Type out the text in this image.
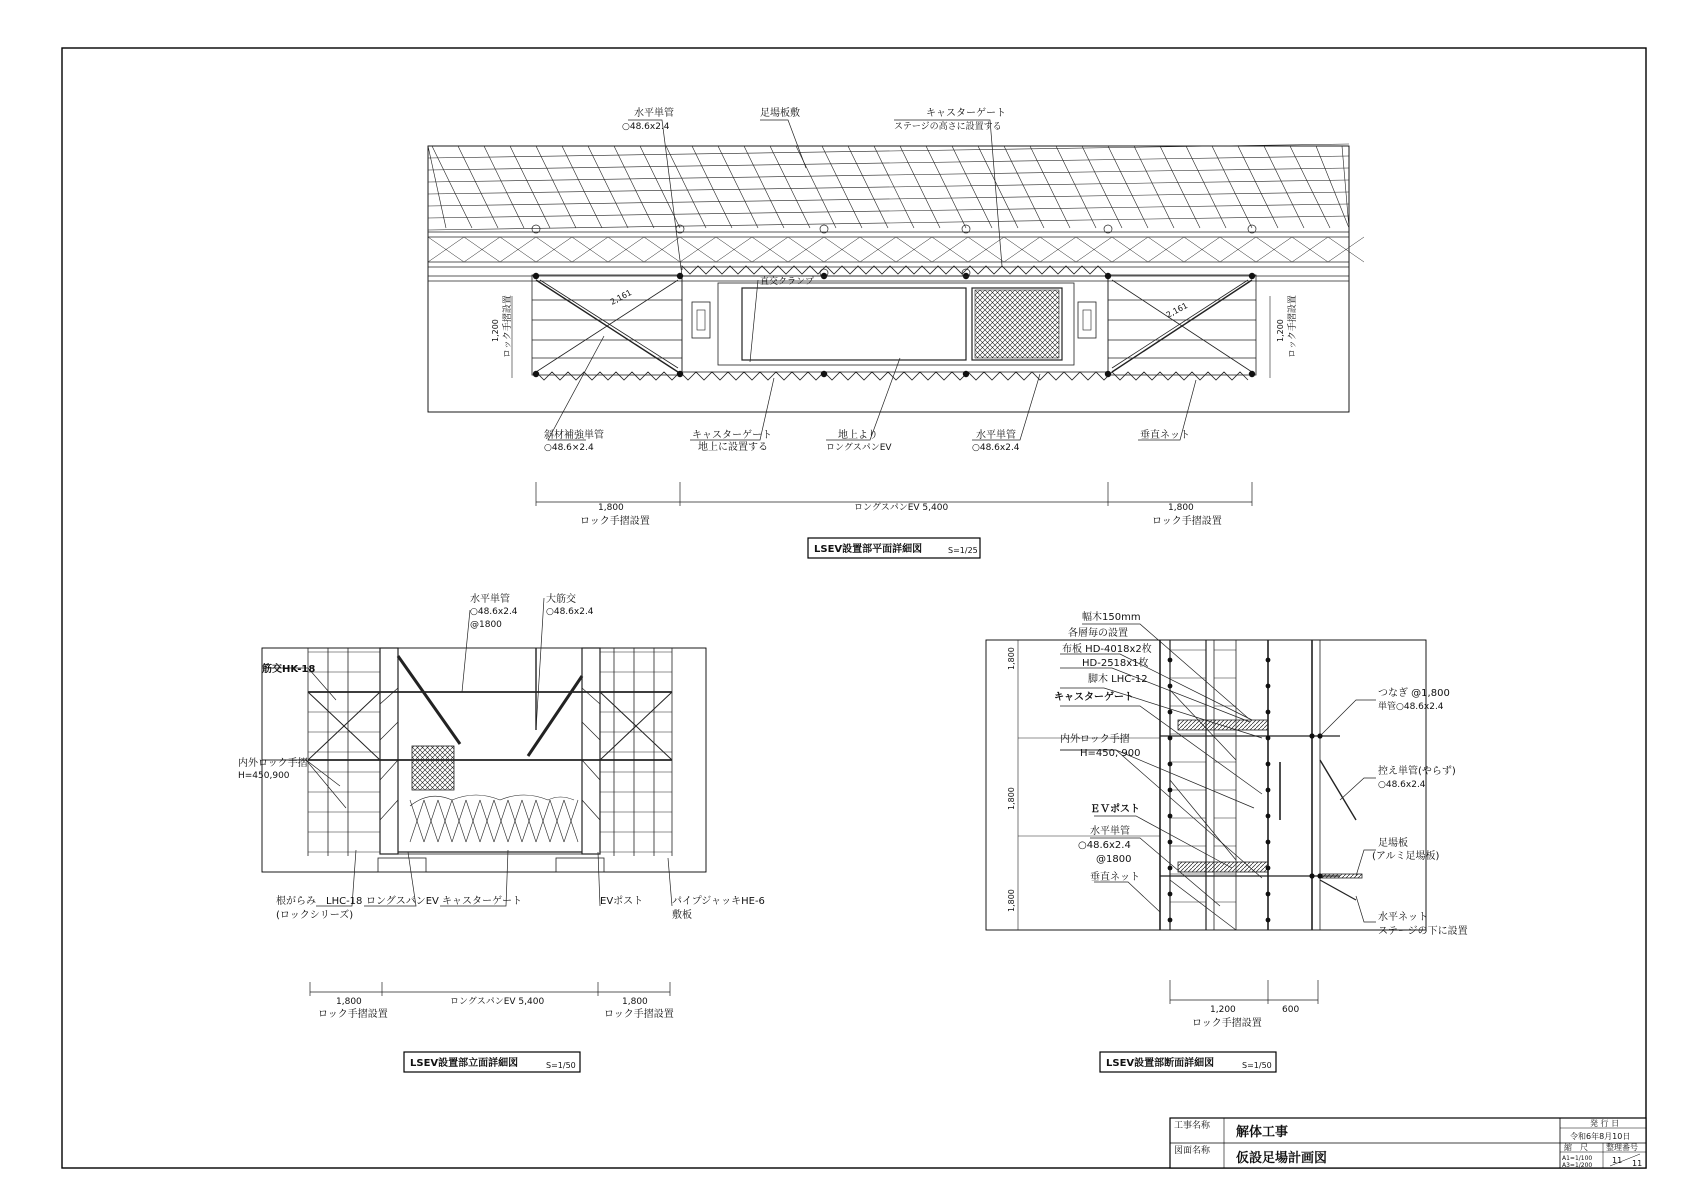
1,200 ロック手摺設置	1,200 ロック手摺設置
2,161
2,161
水平単管
○48.6x2.4
足場板敷	キャスターゲート
ステージの高さに設置する
直交クランプ
斜材補強単管
○48.6×2.4
キャスターゲート
地上に設置する
地上より
ロングスパンEV
水平単管
○48.6x2.4
垂直ネット
1,800
ロック手摺設置
ロングスパンEV 5,400	1,800
ロック手摺設置
LSEV設置部平面詳細図	S=1/25
水平単管
○48.6x2.4
@1800
大筋交
○48.6x2.4
筋交HK-18
内外ロック手摺
H=450,900
根がらみ　LHC-18
(ロックシリーズ)
ロングスパンEV キャスターゲート	EVポスト	パイプジャッキHE-6
敷板
1,800
ロック手摺設置
ロングスパンEV 5,400	1,800
ロック手摺設置
LSEV設置部立面詳細図	S=1/50
1,800
1,800
1,800
幅木150mm
各層毎の設置
布板 HD-4018x2枚
HD-2518x1枚
脚木 LHC-12
キャスターゲート
内外ロック手摺
H=450, 900
ＥＶポスト
水平単管
○48.6x2.4
@1800
垂直ネット
つなぎ @1,800
単管○48.6x2.4
控え単管(やらず)
○48.6x2.4
足場板
(アルミ足場板)
水平ネット
ステージの下に設置
1,200
ロック手摺設置
600
LSEV設置部断面詳細図	S=1/50
工事名称 解体工事
図面名称 仮設足場計画図
発 行 日
令和6年8月10日
縮　尺
A1=1/100
A3=1/200
整理番号
11 11
